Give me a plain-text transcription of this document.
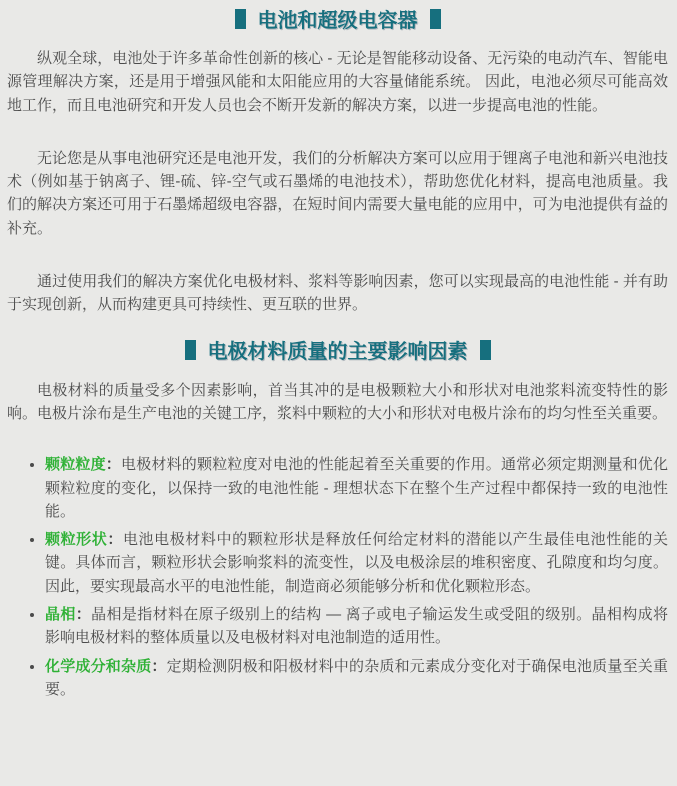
电池和超级电容器

纵观全球，电池处于许多革命性创新的核心 - 无论是智能移动设备、无污染的电动汽车、智能电源管理解决方案，还是用于增强风能和太阳能应用的大容量储能系统。 因此，电池必须尽可能高效地工作，而且电池研究和开发人员也会不断开发新的解决方案，以进一步提高电池的性能。

无论您是从事电池研究还是电池开发，我们的分析解决方案可以应用于锂离子电池和新兴电池技术（例如基于钠离子、锂-硫、锌-空气或石墨烯的电池技术），帮助您优化材料，提高电池质量。我们的解决方案还可用于石墨烯超级电容器，在短时间内需要大量电能的应用中，可为电池提供有益的补充。

通过使用我们的解决方案优化电极材料、浆料等影响因素，您可以实现最高的电池性能 - 并有助于实现创新，从而构建更具可持续性、更互联的世界。

电极材料质量的主要影响因素

电极材料的质量受多个因素影响，首当其冲的是电极颗粒大小和形状对电池浆料流变特性的影响。电极片涂布是生产电池的关键工序，浆料中颗粒的大小和形状对电极片涂布的均匀性至关重要。

• 颗粒粒度：电极材料的颗粒粒度对电池的性能起着至关重要的作用。通常必须定期测量和优化颗粒粒度的变化，以保持一致的电池性能 - 理想状态下在整个生产过程中都保持一致的电池性能。
• 颗粒形状：电池电极材料中的颗粒形状是释放任何给定材料的潜能以产生最佳电池性能的关键。具体而言，颗粒形状会影响浆料的流变性，以及电极涂层的堆积密度、孔隙度和均匀度。 因此，要实现最高水平的电池性能，制造商必须能够分析和优化颗粒形态。
• 晶相：晶相是指材料在原子级别上的结构 — 离子或电子输运发生或受阻的级别。晶相构成将影响电极材料的整体质量以及电极材料对电池制造的适用性。
• 化学成分和杂质：定期检测阴极和阳极材料中的杂质和元素成分变化对于确保电池质量至关重要。
